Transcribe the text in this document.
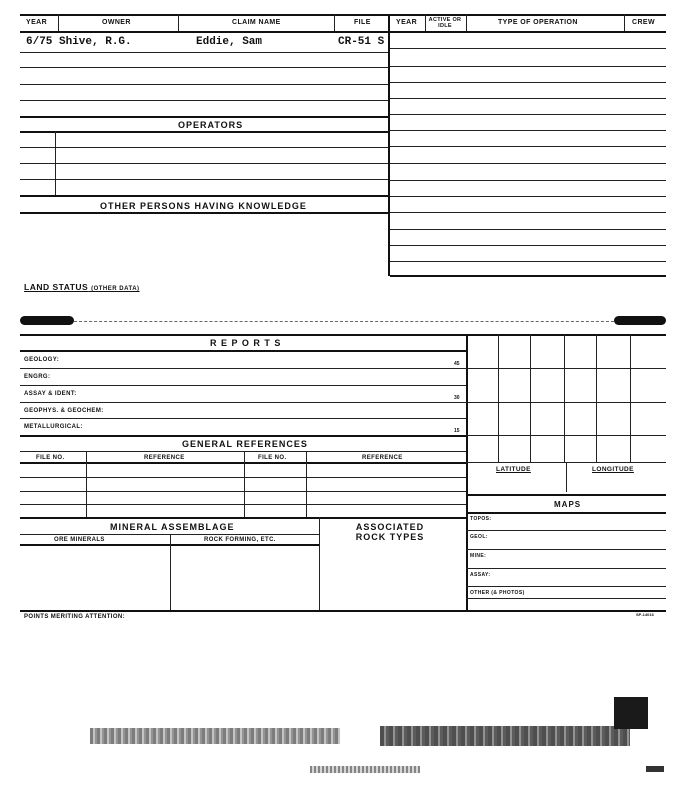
YEAR	OWNER	CLAIM NAME	FILE	YEAR	ACTIVE OR IDLE	TYPE OF OPERATION	CREW
6/75 Shive, R.G.	Eddie, Sam	CR-51 S
OPERATORS
OTHER PERSONS HAVING KNOWLEDGE
LAND STATUS (OTHER DATA)
R E P O R T S
GEOLOGY:
45
ENGRG:
ASSAY & IDENT:
30
GEOPHYS. & GEOCHEM:
METALLURGICAL:
15
LATITUDE	LONGITUDE
MAPS
TOPOS:
GEOL:
MINE:
ASSAY:
OTHER (& PHOTOS)
GENERAL REFERENCES
FILE NO.	REFERENCE	FILE NO.	REFERENCE
MINERAL ASSEMBLAGE	ASSOCIATED ROCK TYPES
ORE MINERALS	ROCK FORMING, ETC.
POINTS MERITING ATTENTION:	SP-14016
